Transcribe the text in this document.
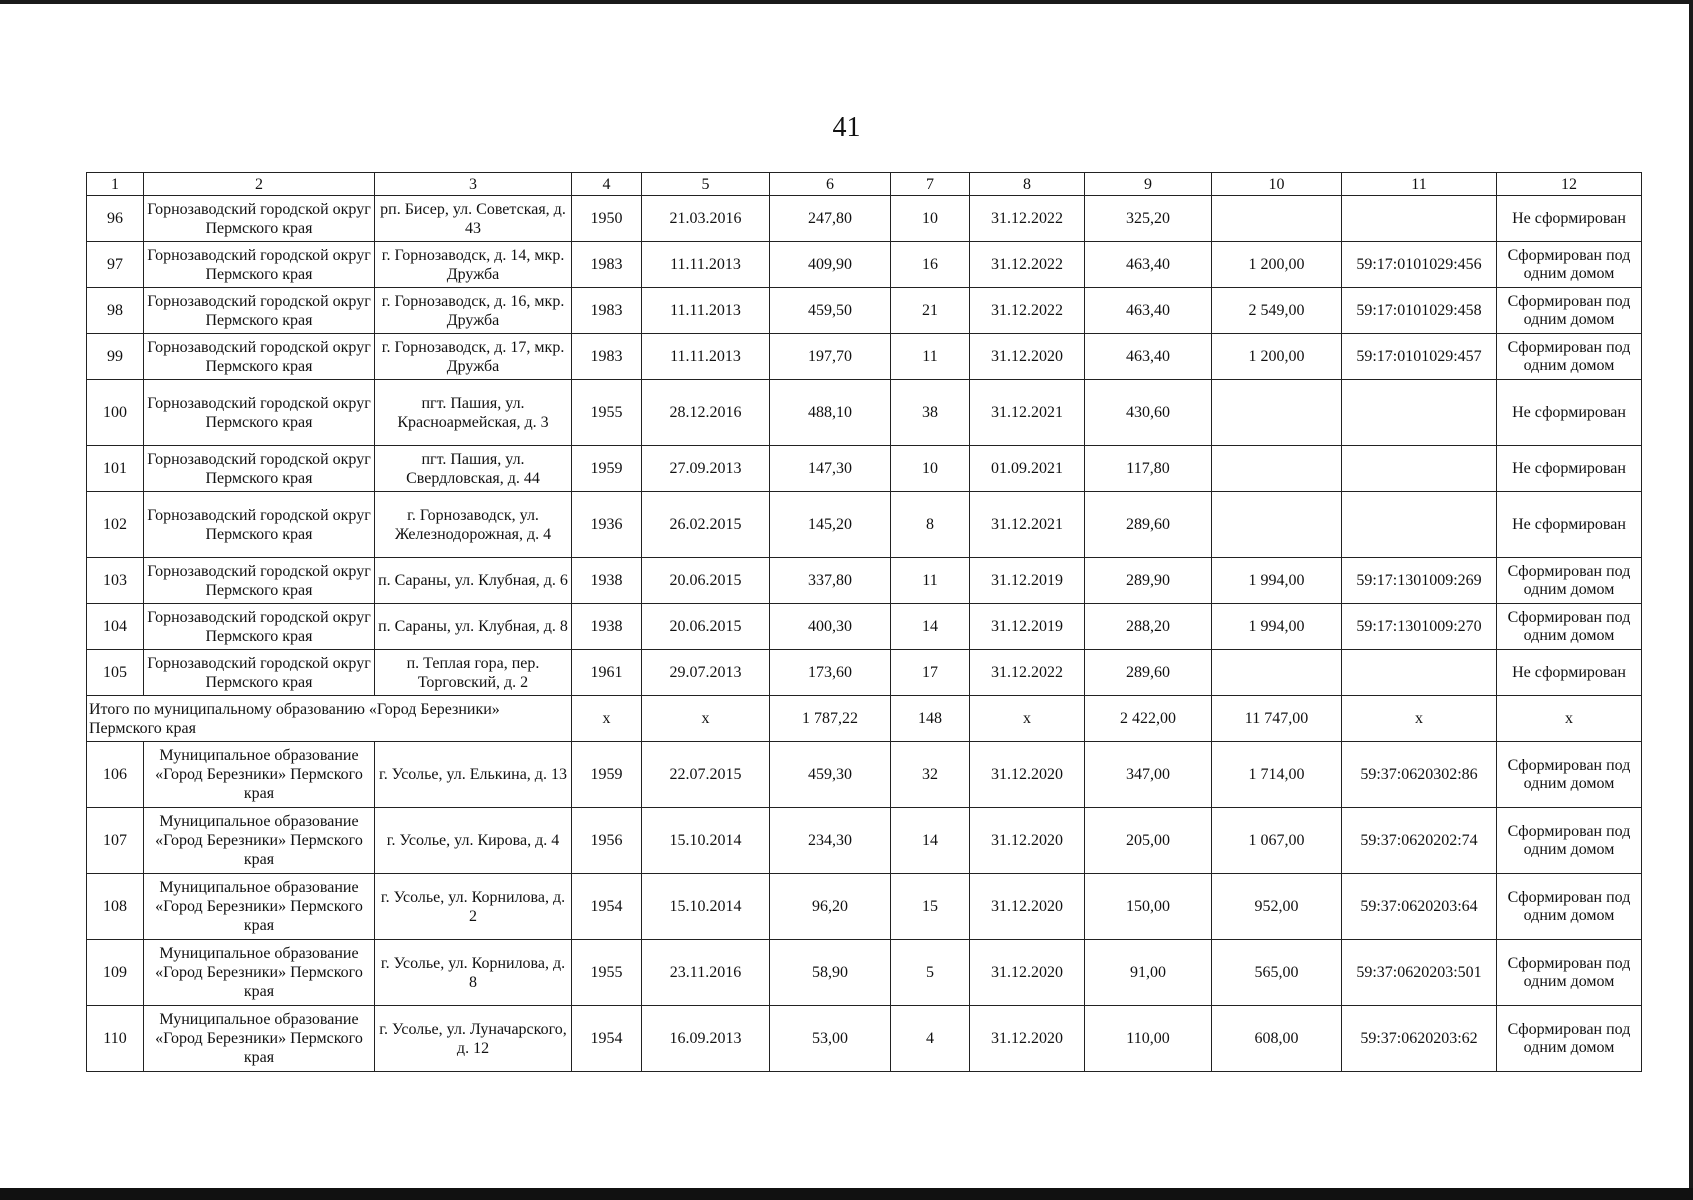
41
1	2	3	4	5	6	7	8	9	10	11	12
96	Горнозаводский городской округ Пермского края	рп. Бисер, ул. Советская, д. 43	1950	21.03.2016	247,80	10	31.12.2022	325,20			Не сформирован
97	Горнозаводский городской округ Пермского края	г. Горнозаводск, д. 14, мкр. Дружба	1983	11.11.2013	409,90	16	31.12.2022	463,40	1 200,00	59:17:0101029:456	Сформирован под одним домом
98	Горнозаводский городской округ Пермского края	г. Горнозаводск, д. 16, мкр. Дружба	1983	11.11.2013	459,50	21	31.12.2022	463,40	2 549,00	59:17:0101029:458	Сформирован под одним домом
99	Горнозаводский городской округ Пермского края	г. Горнозаводск, д. 17, мкр. Дружба	1983	11.11.2013	197,70	11	31.12.2020	463,40	1 200,00	59:17:0101029:457	Сформирован под одним домом
100	Горнозаводский городской округ Пермского края	пгт. Пашия, ул. Красноармейская, д. 3	1955	28.12.2016	488,10	38	31.12.2021	430,60			Не сформирован
101	Горнозаводский городской округ Пермского края	пгт. Пашия, ул. Свердловская, д. 44	1959	27.09.2013	147,30	10	01.09.2021	117,80			Не сформирован
102	Горнозаводский городской округ Пермского края	г. Горнозаводск, ул. Железнодорожная, д. 4	1936	26.02.2015	145,20	8	31.12.2021	289,60			Не сформирован
103	Горнозаводский городской округ Пермского края	п. Сараны, ул. Клубная, д. 6	1938	20.06.2015	337,80	11	31.12.2019	289,90	1 994,00	59:17:1301009:269	Сформирован под одним домом
104	Горнозаводский городской округ Пермского края	п. Сараны, ул. Клубная, д. 8	1938	20.06.2015	400,30	14	31.12.2019	288,20	1 994,00	59:17:1301009:270	Сформирован под одним домом
105	Горнозаводский городской округ Пермского края	п. Теплая гора, пер. Торговский, д. 2	1961	29.07.2013	173,60	17	31.12.2022	289,60			Не сформирован
Итого по муниципальному образованию «Город Березники» Пермского края			x	x	1 787,22	148	x	2 422,00	11 747,00	x	x
106	Муниципальное образование «Город Березники» Пермского края	г. Усолье, ул. Елькина, д. 13	1959	22.07.2015	459,30	32	31.12.2020	347,00	1 714,00	59:37:0620302:86	Сформирован под одним домом
107	Муниципальное образование «Город Березники» Пермского края	г. Усолье, ул. Кирова, д. 4	1956	15.10.2014	234,30	14	31.12.2020	205,00	1 067,00	59:37:0620202:74	Сформирован под одним домом
108	Муниципальное образование «Город Березники» Пермского края	г. Усолье, ул. Корнилова, д. 2	1954	15.10.2014	96,20	15	31.12.2020	150,00	952,00	59:37:0620203:64	Сформирован под одним домом
109	Муниципальное образование «Город Березники» Пермского края	г. Усолье, ул. Корнилова, д. 8	1955	23.11.2016	58,90	5	31.12.2020	91,00	565,00	59:37:0620203:501	Сформирован под одним домом
110	Муниципальное образование «Город Березники» Пермского края	г. Усолье, ул. Луначарского, д. 12	1954	16.09.2013	53,00	4	31.12.2020	110,00	608,00	59:37:0620203:62	Сформирован под одним домом
